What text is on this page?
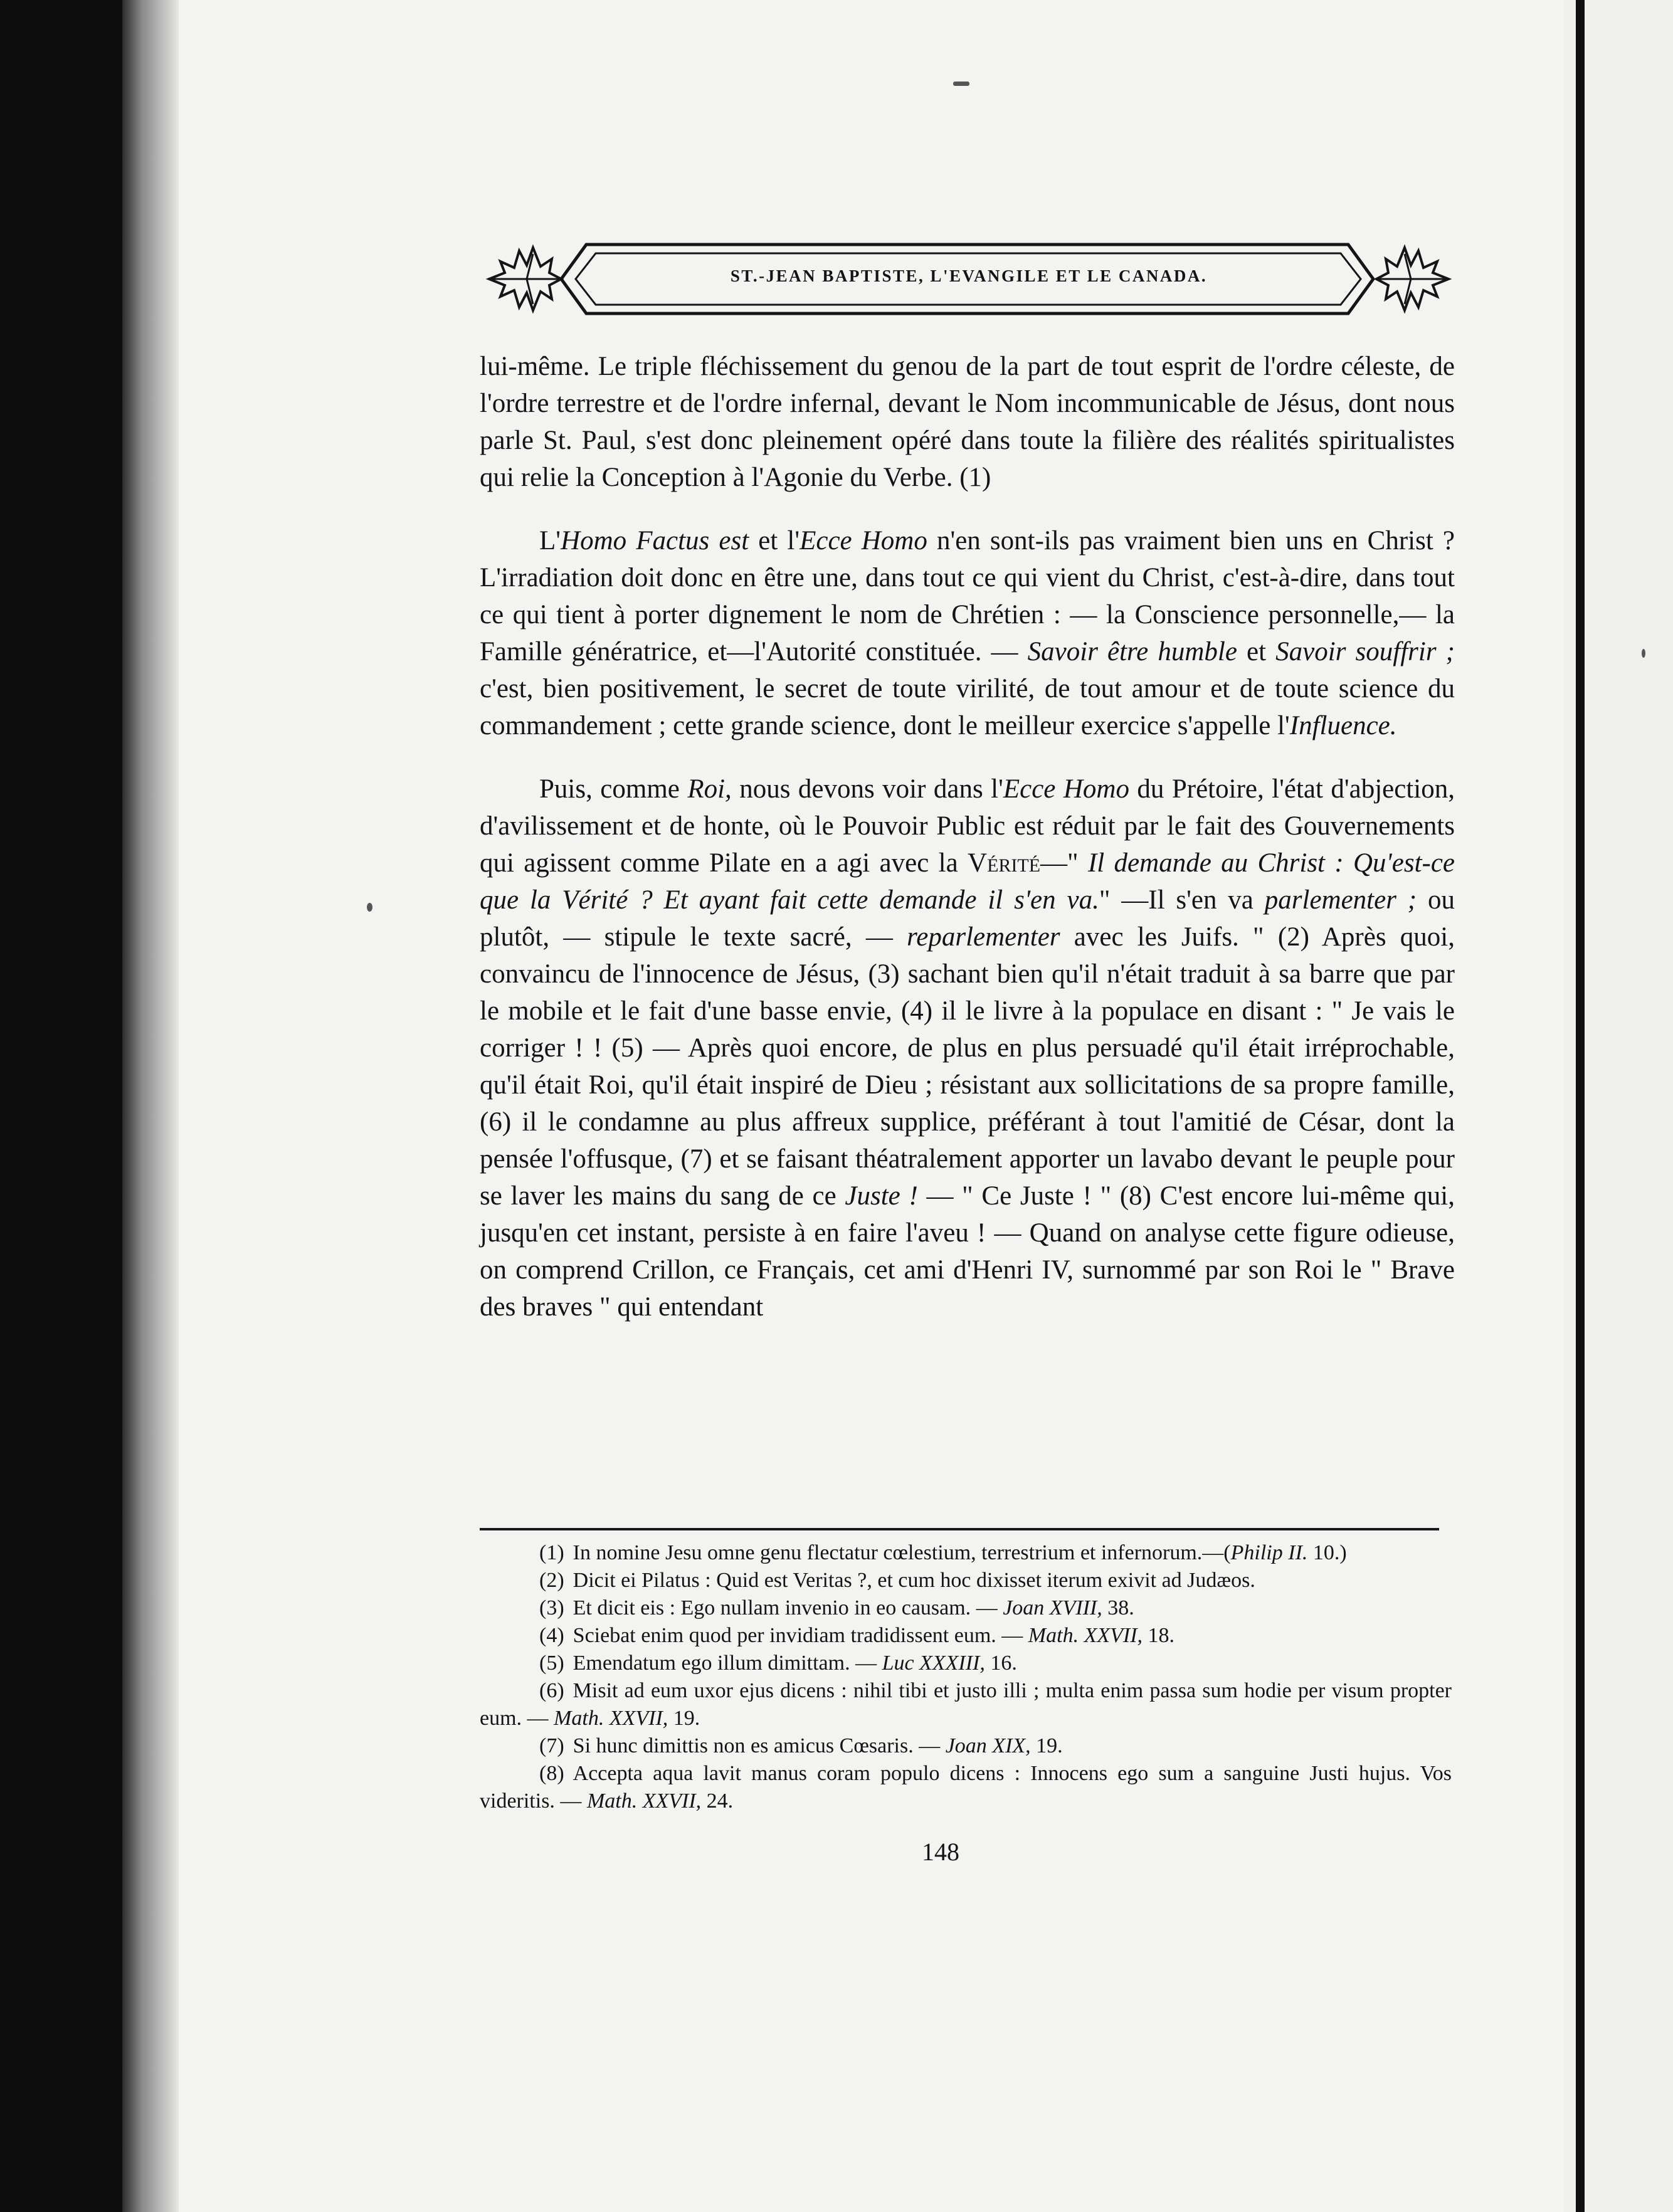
ST.-JEAN BAPTISTE, L'EVANGILE ET LE CANADA.

lui-même. Le triple fléchissement du genou de la part de tout esprit de l'ordre céleste, de l'ordre terrestre et de l'ordre infernal, devant le Nom incommunicable de Jésus, dont nous parle St. Paul, s'est donc pleinement opéré dans toute la filière des réalités spiritualistes qui relie la Conception à l'Agonie du Verbe. (1)

L'Homo Factus est et l'Ecce Homo n'en sont-ils pas vraiment bien uns en Christ ? L'irradiation doit donc en être une, dans tout ce qui vient du Christ, c'est-à-dire, dans tout ce qui tient à porter dignement le nom de Chrétien : — la Conscience personnelle,— la Famille génératrice, et—l'Autorité constituée. — Savoir être humble et Savoir souffrir ; c'est, bien positivement, le secret de toute virilité, de tout amour et de toute science du commandement ; cette grande science, dont le meilleur exercice s'appelle l'Influence.

Puis, comme Roi, nous devons voir dans l'Ecce Homo du Prétoire, l'état d'abjection, d'avilissement et de honte, où le Pouvoir Public est réduit par le fait des Gouvernements qui agissent comme Pilate en a agi avec la Vérité—" Il demande au Christ : Qu'est-ce que la Vérité ? Et ayant fait cette demande il s'en va." —Il s'en va parlementer ; ou plutôt, — stipule le texte sacré, — reparlementer avec les Juifs. " (2) Après quoi, convaincu de l'innocence de Jésus, (3) sachant bien qu'il n'était traduit à sa barre que par le mobile et le fait d'une basse envie, (4) il le livre à la populace en disant : " Je vais le corriger ! ! (5) — Après quoi encore, de plus en plus persuadé qu'il était irréprochable, qu'il était Roi, qu'il était inspiré de Dieu ; résistant aux sollicitations de sa propre famille, (6) il le condamne au plus affreux supplice, préférant à tout l'amitié de César, dont la pensée l'offusque, (7) et se faisant théatralement apporter un lavabo devant le peuple pour se laver les mains du sang de ce Juste ! — " Ce Juste ! " (8) C'est encore lui-même qui, jusqu'en cet instant, persiste à en faire l'aveu ! — Quand on analyse cette figure odieuse, on comprend Crillon, ce Français, cet ami d'Henri IV, surnommé par son Roi le " Brave des braves " qui entendant

(1) In nomine Jesu omne genu flectatur cœlestium, terrestrium et infernorum.—(Philip II. 10.)
(2) Dicit ei Pilatus : Quid est Veritas ?, et cum hoc dixisset iterum exivit ad Judæos.
(3) Et dicit eis : Ego nullam invenio in eo causam. — Joan XVIII, 38.
(4) Sciebat enim quod per invidiam tradidissent eum. — Math. XXVII, 18.
(5) Emendatum ego illum dimittam. — Luc XXXIII, 16.
(6) Misit ad eum uxor ejus dicens : nihil tibi et justo illi ; multa enim passa sum hodie per visum propter eum. — Math. XXVII, 19.
(7) Si hunc dimittis non es amicus Cœsaris. — Joan XIX, 19.
(8) Accepta aqua lavit manus coram populo dicens : Innocens ego sum a sanguine Justi hujus. Vos videritis. — Math. XXVII, 24.
148
